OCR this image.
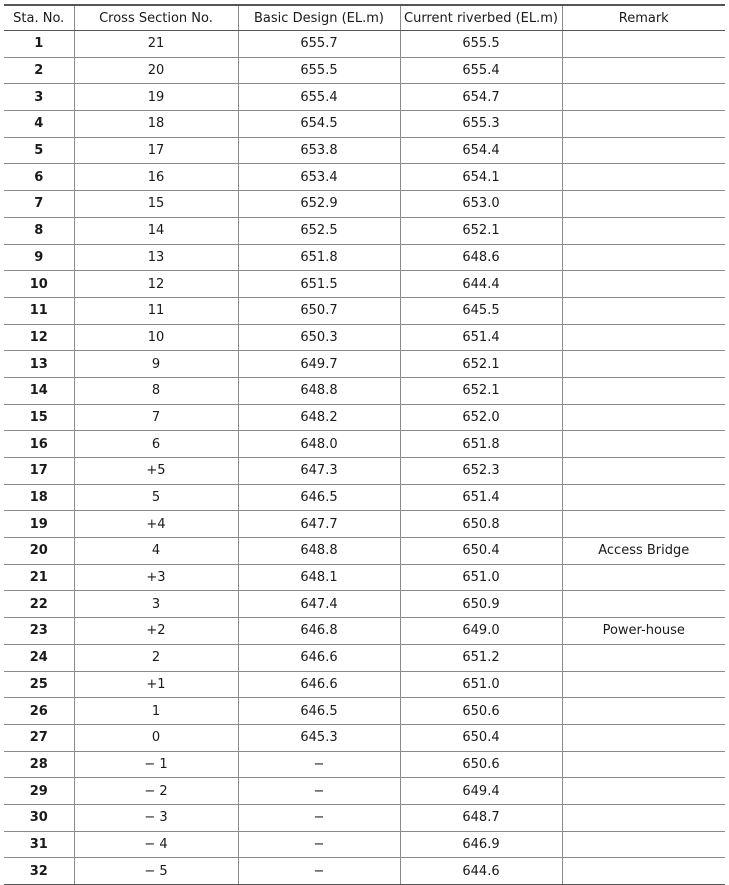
Sta. No.	Cross Section No.	Basic Design (EL.m)	Current riverbed (EL.m)	Remark
1	21	655.7	655.5	
2	20	655.5	655.4	
3	19	655.4	654.7	
4	18	654.5	655.3	
5	17	653.8	654.4	
6	16	653.4	654.1	
7	15	652.9	653.0	
8	14	652.5	652.1	
9	13	651.8	648.6	
10	12	651.5	644.4	
11	11	650.7	645.5	
12	10	650.3	651.4	
13	9	649.7	652.1	
14	8	648.8	652.1	
15	7	648.2	652.0	
16	6	648.0	651.8	
17	+5	647.3	652.3	
18	5	646.5	651.4	
19	+4	647.7	650.8	
20	4	648.8	650.4	Access Bridge
21	+3	648.1	651.0	
22	3	647.4	650.9	
23	+2	646.8	649.0	Power-house
24	2	646.6	651.2	
25	+1	646.6	651.0	
26	1	646.5	650.6	
27	0	645.3	650.4	
28	− 1	−	650.6	
29	− 2	−	649.4	
30	− 3	−	648.7	
31	− 4	−	646.9	
32	− 5	−	644.6	
